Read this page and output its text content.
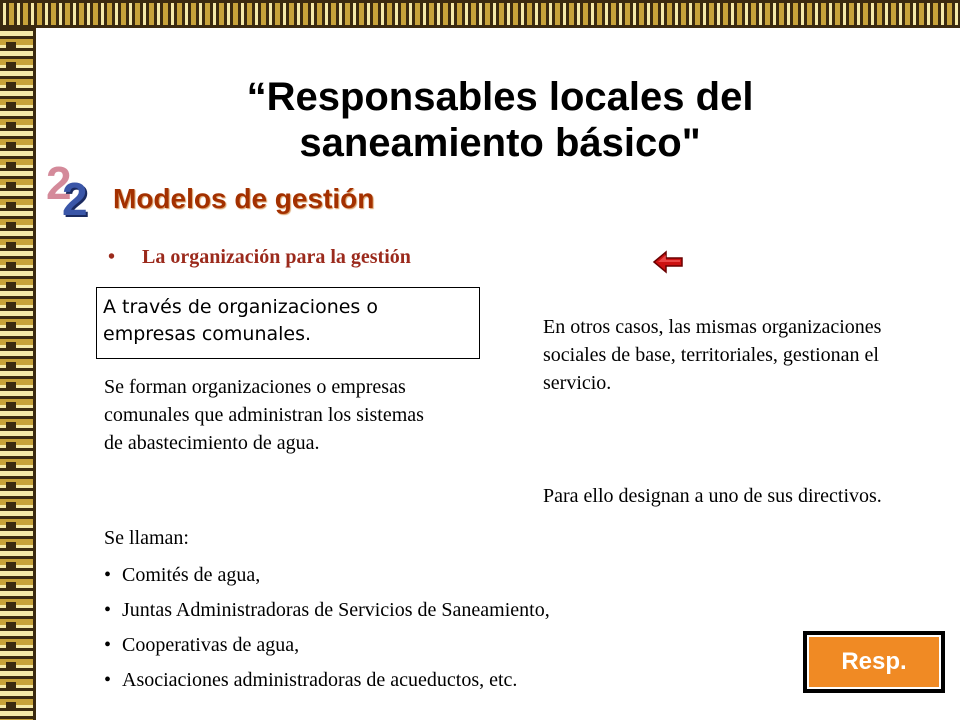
“Responsables locales del saneamiento básico"
2
2 Modelos de gestión
• La organización para la gestión
A través de organizaciones o empresas comunales.
Se forman organizaciones o empresas comunales que administran los sistemas de abastecimiento de agua.
En otros casos, las mismas organizaciones sociales de base, territoriales, gestionan el servicio.
Para ello designan a uno de sus directivos.
Se llaman:
• Comités de agua,
• Juntas Administradoras de Servicios de Saneamiento,
• Cooperativas de agua,
• Asociaciones administradoras de acueductos, etc.
Resp.
